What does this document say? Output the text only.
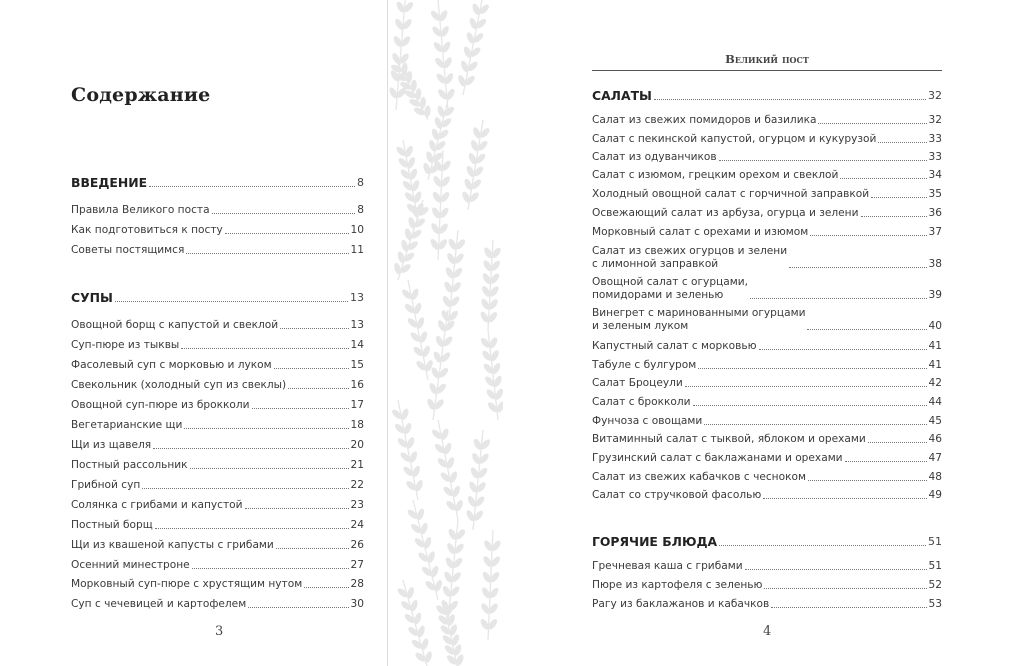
Содержание
Великий пост
ВВЕДЕНИЕ	8
Правила Великого поста	8
Как подготовиться к посту	10
Советы постящимся	11
СУПЫ	13
Овощной борщ с капустой и свеклой	13
Суп-пюре из тыквы	14
Фасолевый суп с морковью и луком	15
Свекольник (холодный суп из свеклы)	16
Овощной суп-пюре из брокколи	17
Вегетарианские щи	18
Щи из щавеля	20
Постный рассольник	21
Грибной суп	22
Солянка с грибами и капустой	23
Постный борщ	24
Щи из квашеной капусты с грибами	26
Осенний минестроне	27
Морковный суп-пюре с хрустящим нутом	28
Суп с чечевицей и картофелем	30
3
САЛАТЫ	32
Салат из свежих помидоров и базилика	32
Салат с пекинской капустой, огурцом и кукурузой	33
Салат из одуванчиков	33
Салат с изюмом, грецким орехом и свеклой	34
Холодный овощной салат с горчичной заправкой	35
Освежающий салат из арбуза, огурца и зелени	36
Морковный салат с орехами и изюмом	37
Салат из свежих огурцов и зелени
с лимонной заправкой	38
Овощной салат с огурцами,
помидорами и зеленью	39
Винегрет с маринованными огурцами
и зеленым луком	40
Капустный салат с морковью	41
Табуле с булгуром	41
Салат Броцеули	42
Салат с брокколи	44
Фунчоза с овощами	45
Витаминный салат с тыквой, яблоком и орехами	46
Грузинский салат с баклажанами и орехами	47
Салат из свежих кабачков с чесноком	48
Салат со стручковой фасолью	49
ГОРЯЧИЕ БЛЮДА	51
Гречневая каша с грибами	51
Пюре из картофеля с зеленью	52
Рагу из баклажанов и кабачков	53
4
